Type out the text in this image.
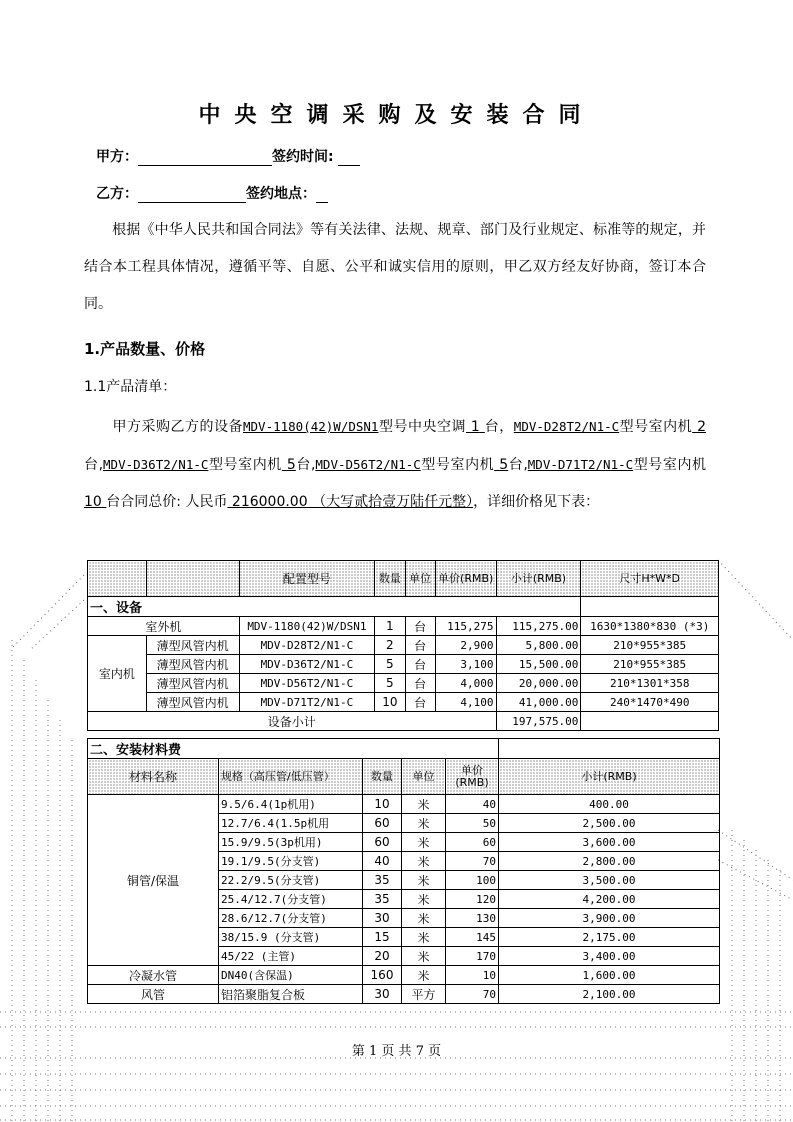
中央空调采购及安装合同
甲方：	签约时间:
乙方：	签约地点：
根据《中华人民共和国合同法》等有关法律、法规、规章、部门及行业规定、标准等的规定，并结合本工程具体情况，遵循平等、自愿、公平和诚实信用的原则，甲乙双方经友好协商，签订本合同。
1.产品数量、价格
1.1产品清单：
甲方采购乙方的设备MDV-1180(42)W/DSN1型号中央空调 1 台，MDV-D28T2/N1-C型号室内机 2台,MDV-D36T2/N1-C型号室内机 5台,MDV-D56T2/N1-C型号室内机 5台,MDV-D71T2/N1-C型号室内机 10 台合同总价: 人民币 216000.00 （大写贰拾壹万陆仟元整），详细价格见下表：
		配置型号	数量	单位	单价(RMB)	小计(RMB)	尺寸H*W*D
一、设备							
室外机		MDV-1180(42)W/DSN1	1	台	115,275	115,275.00	1630*1380*830 (*3)
室内机	薄型风管内机	MDV-D28T2/N1-C	2	台	2,900	5,800.00	210*955*385
	薄型风管内机	MDV-D36T2/N1-C	5	台	3,100	15,500.00	210*955*385
	薄型风管内机	MDV-D56T2/N1-C	5	台	4,000	20,000.00	210*1301*358
	薄型风管内机	MDV-D71T2/N1-C	10	台	4,100	41,000.00	240*1470*490
设备小计						197,575.00	
二、安装材料费					
材料名称	规格（高压管/低压管）	数量	单位	单价(RMB)	小计(RMB)
铜管/保温	9.5/6.4(1p机用)	10	米	40	400.00
	12.7/6.4(1.5p机用	60	米	50	2,500.00
	15.9/9.5(3p机用)	60	米	60	3,600.00
	19.1/9.5(分支管)	40	米	70	2,800.00
	22.2/9.5(分支管)	35	米	100	3,500.00
	25.4/12.7(分支管)	35	米	120	4,200.00
	28.6/12.7(分支管)	30	米	130	3,900.00
	38/15.9 (分支管)	15	米	145	2,175.00
	45/22 (主管)	20	米	170	3,400.00
冷凝水管	DN40(含保温)	160	米	10	1,600.00
风管	铝箔聚脂复合板	30	平方	70	2,100.00
第 1 页 共 7 页
